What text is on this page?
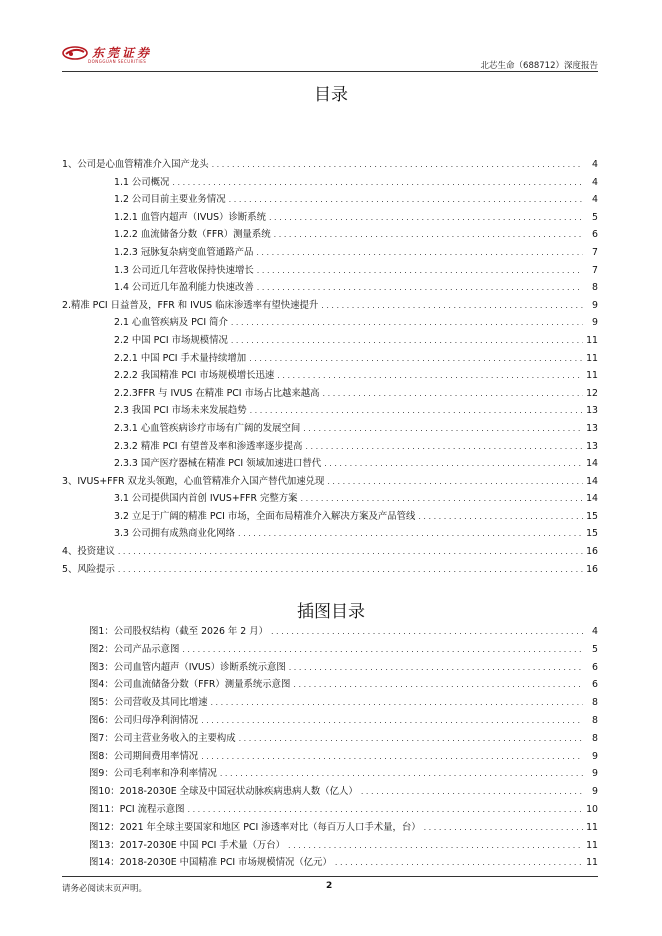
东莞证券
DONGGUAN SECURITIES	北芯生命（688712）深度报告
目录
1、公司是心血管精准介入国产龙头 . . .	4
1.1 公司概况 . . .	4
1.2 公司目前主要业务情况 . . .	4
1.2.1 血管内超声（IVUS）诊断系统 . . .	5
1.2.2 血流储备分数（FFR）测量系统 . . .	6
1.2.3 冠脉复杂病变血管通路产品 . . .	7
1.3 公司近几年营收保持快速增长 . . .	7
1.4 公司近几年盈利能力快速改善 . . .	8
2.精准 PCI 日益普及，FFR 和 IVUS 临床渗透率有望快速提升 . . .	9
2.1 心血管疾病及 PCI 简介 . . .	9
2.2 中国 PCI 市场规模情况 . . .	11
2.2.1 中国 PCI 手术量持续增加 . . .	11
2.2.2 我国精准 PCI 市场规模增长迅速 . . .	11
2.2.3FFR 与 IVUS 在精准 PCI 市场占比越来越高 . . .	12
2.3 我国 PCI 市场未来发展趋势 . . .	13
2.3.1 心血管疾病诊疗市场有广阔的发展空间 . . .	13
2.3.2 精准 PCI 有望普及率和渗透率逐步提高 . . .	13
2.3.3 国产医疗器械在精准 PCI 领域加速进口替代 . . .	14
3、IVUS+FFR 双龙头领跑，心血管精准介入国产替代加速兑现 . . .	14
3.1 公司提供国内首创 IVUS+FFR 完整方案 . . .	14
3.2 立足于广阔的精准 PCI 市场，全面布局精准介入解决方案及产品管线 . . .	15
3.3 公司拥有成熟商业化网络 . . .	15
4、投资建议 . . .	16
5、风险提示 . . .	16
插图目录
图1：公司股权结构（截至 2026 年 2 月） . . .	4
图2：公司产品示意图 . . .	5
图3：公司血管内超声（IVUS）诊断系统示意图 . . .	6
图4：公司血流储备分数（FFR）测量系统示意图 . . .	6
图5：公司营收及其同比增速 . . .	8
图6：公司归母净利润情况 . . .	8
图7：公司主营业务收入的主要构成 . . .	8
图8：公司期间费用率情况 . . .	9
图9：公司毛利率和净利率情况 . . .	9
图10：2018-2030E 全球及中国冠状动脉疾病患病人数（亿人） . . .	9
图11：PCI 流程示意图 . . .	10
图12：2021 年全球主要国家和地区 PCI 渗透率对比（每百万人口手术量，台） . . .	11
图13：2017-2030E 中国 PCI 手术量（万台） . . .	11
图14：2018-2030E 中国精准 PCI 市场规模情况（亿元） . . .	11
请务必阅读末页声明。	2
